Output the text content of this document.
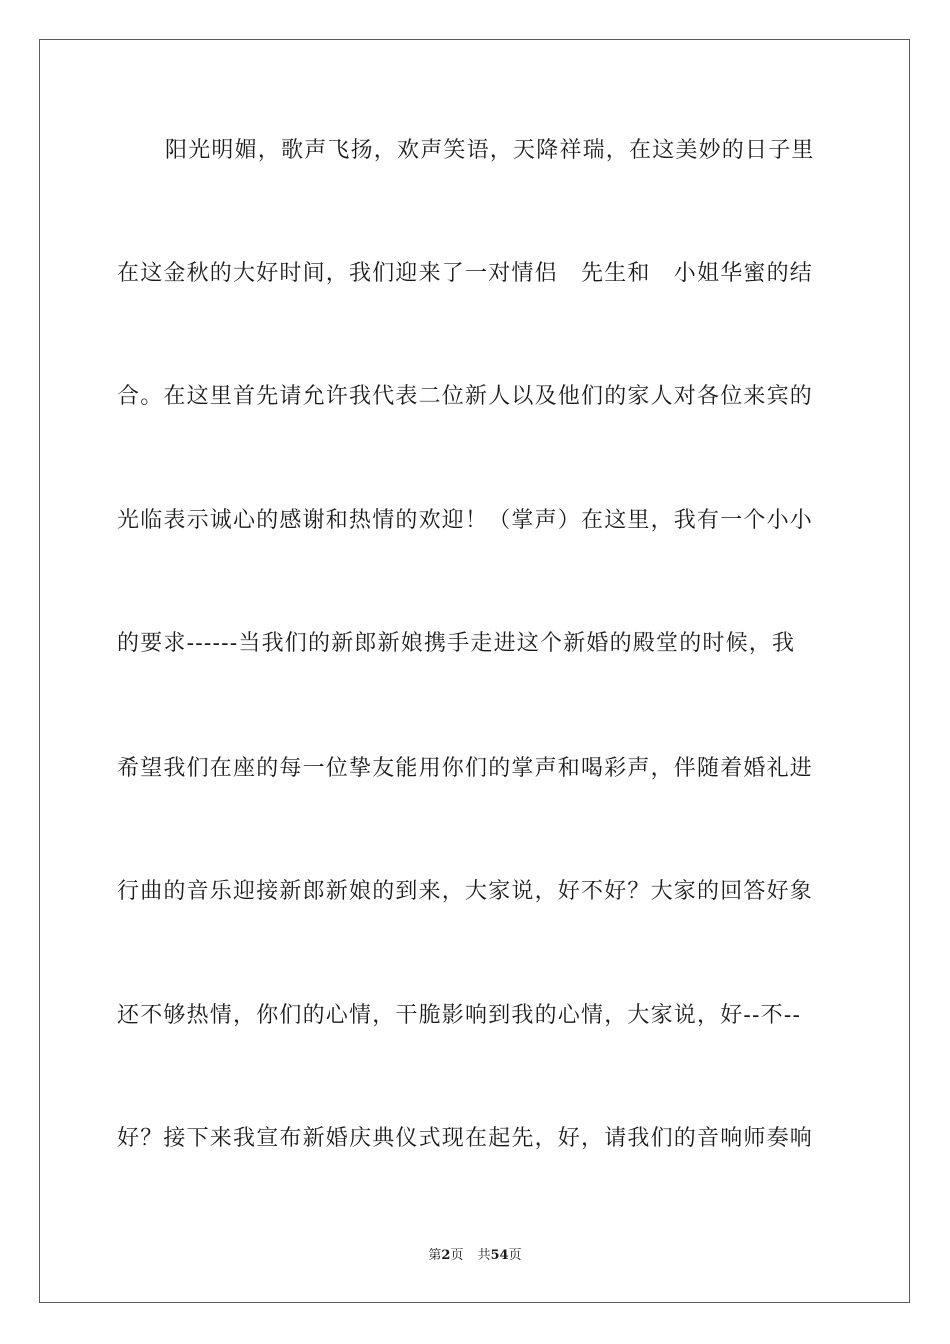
阳光明媚，歌声飞扬，欢声笑语，天降祥瑞，在这美妙的日子里
在这金秋的大好时间，我们迎来了一对情侣　先生和　小姐华蜜的结
合。在这里首先请允许我代表二位新人以及他们的家人对各位来宾的
光临表示诚心的感谢和热情的欢迎！（掌声）在这里，我有一个小小
的要求------当我们的新郎新娘携手走进这个新婚的殿堂的时候，我
希望我们在座的每一位挚友能用你们的掌声和喝彩声，伴随着婚礼进
行曲的音乐迎接新郎新娘的到来，大家说，好不好？大家的回答好象
还不够热情，你们的心情，干脆影响到我的心情，大家说，好--不--
好？接下来我宣布新婚庆典仪式现在起先，好，请我们的音响师奏响
第2页 共54页
